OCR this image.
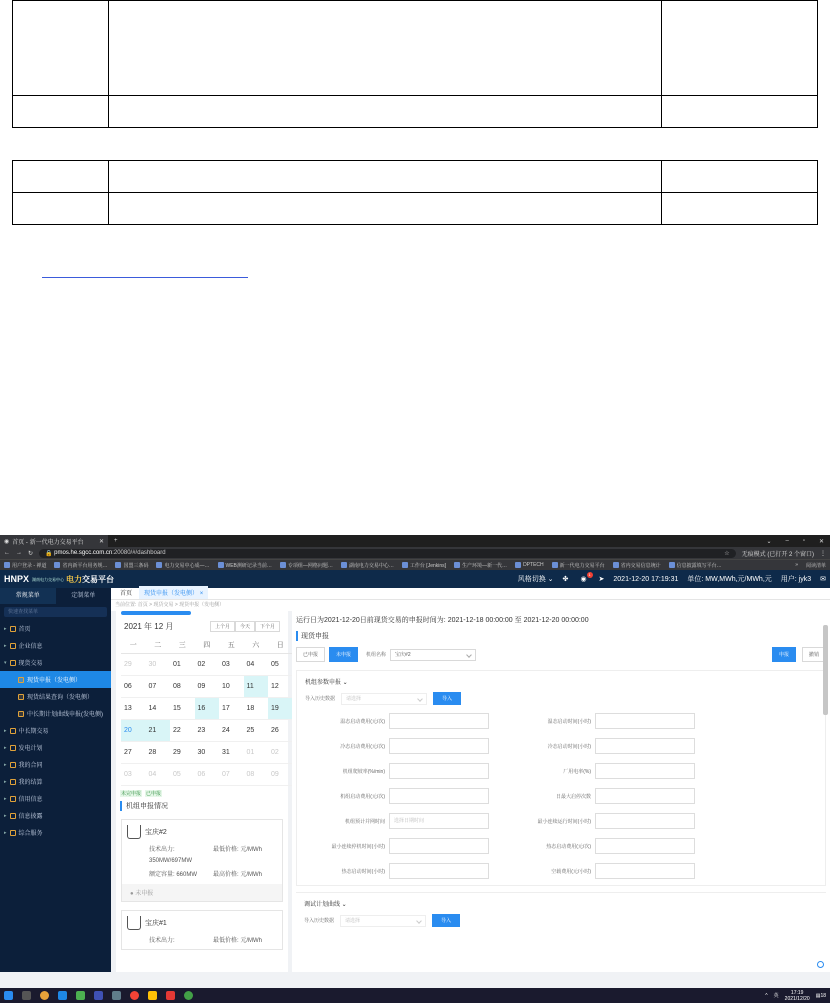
◉ 首页 - 新一代电力交易平台	✕ +	⌄ – ▫ ✕
← → ↻ 🔒 pmos.he.sgcc.com.cn :20080/#/dashboard	☆ 无痕模式 (已打开 2 个窗口) ⋮
用户登录 - 禅道	省内新平台用务规…	国盟三条码	电力交易中心成—…	WEB测研记录当前…	专项组—网格问题…	湖南电力交易中心…	工作台 [Jenkins]	生产环境—新一代…	DPTECH	新一代电力交易平台	省内交易信息统计	信息披露填写平台…	» 阅读清单
HNPX 湖南电力交易中心 电力交易平台	风格切换 ⌄ ✤	◉
1
➤ 2021-12-20 17:19:31 单位: MW,MWh,元/MWh,元 用户: jyk3 ✉
常规菜单	定制菜单
快速查找菜单
▸ 首页
▸ 企业信息
▾ 现货交易
现货申报（发电侧）
现货结果查询（发电侧）
中长期计划曲线申报(发电侧)
▸ 中长期交易
▸ 发电计划
▸ 我的合同
▸ 我的结算
▸ 信用信息
▸ 信息披露
▸ 综合服务
首页	现货申报（发电侧） ×
当前位置: 首页 > 现货交易 > 现货申报（发电侧）
2021 年 12 月	上个月	今天	下个月
一	二	三	四	五	六	日
29	30	01	02	03	04	05
06	07	08	09	10	11	12
13	14	15	16	17	18	19
20	21	22	23	24	25	26
27	28	29	30	31	01	02
03	04	05	06	07	08	09
未完申报 已申报
机组申报情况
宝庆#2
技术出力:	最低价格: 元/MWh
350MW/697MW
额定容量: 660MW	最高价格: 元/MWh
● 未申报
宝庆#1
技术出力:	最低价格: 元/MWh
运行日为2021-12-20日前现货交易的申报时间为: 2021-12-18 00:00:00 至 2021-12-20 00:00:00
现货申报
已申报	未申报	机组名称	宝庆#2	申报	撤销
机组参数申报 ⌄
导入历史数据	请选择	导入
温态启动费用(元/次)	温态启动时间(小时)
冷态启动费用(元/次)	冷态启动时间(小时)
机组爬坡率(%/min)	厂用电率(%)
机组启动费用(元/次)	日最大启停次数
机组预计并网时间	选择日期时间	最小连续运行时间(小时)
最小连续停机时间(小时)	热态启动费用(元/次)
热态启动时间(小时)	空载费用(元/小时)
调试计划曲线 ⌄
导入历史数据	请选择	导入
^ 英	17:19
2021/12/20 ▤18
